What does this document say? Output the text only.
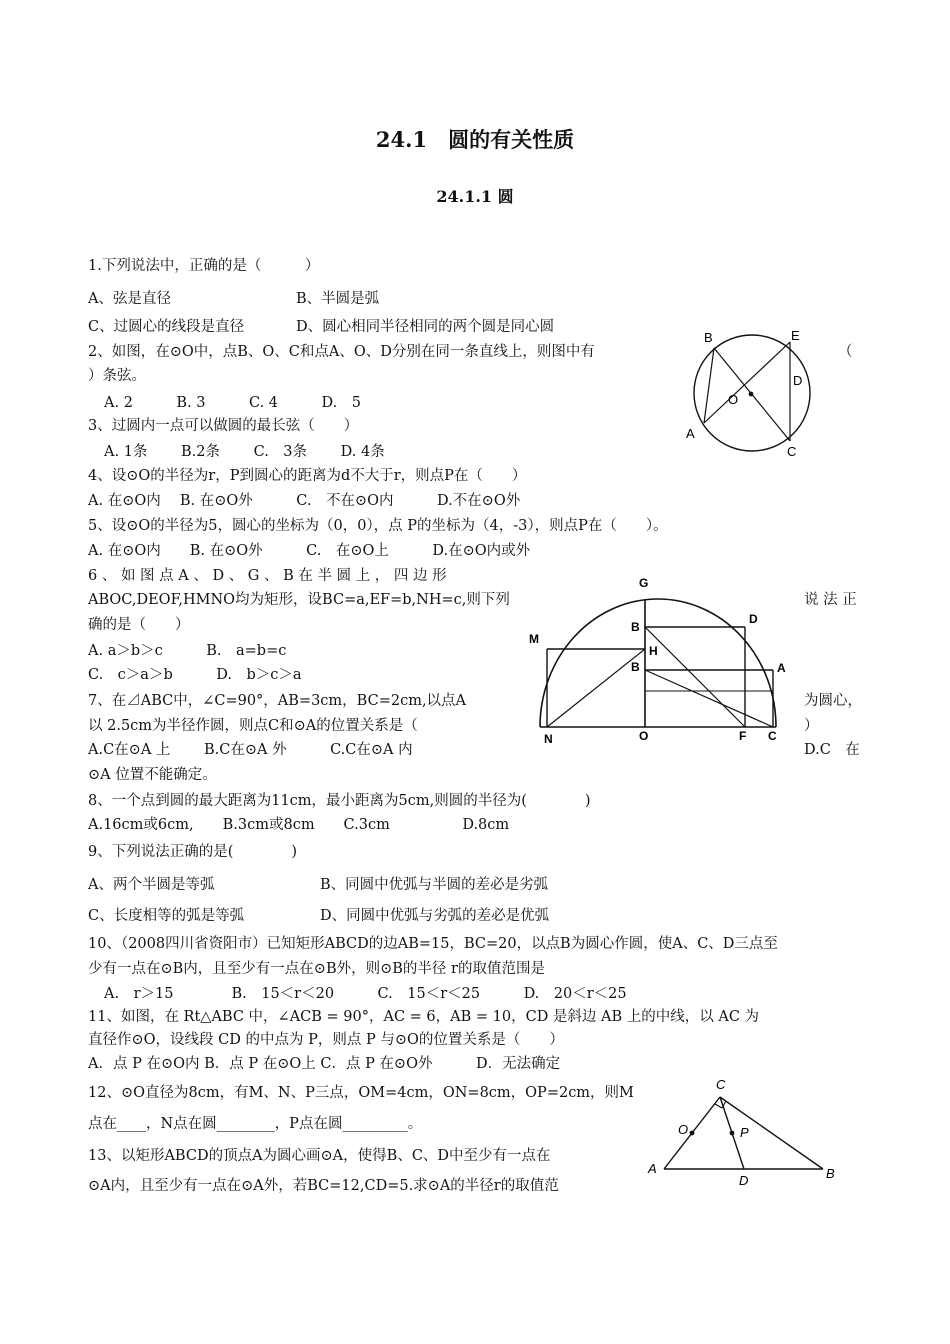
24.1　圆的有关性质
24.1.1 圆
1.下列说法中，正确的是（　　　）
A、弦是直径	B、半圆是弧
C、过圆心的线段是直径	D、圆心相同半径相同的两个圆是同心圆
2、如图，在⊙O中，点B、O、C和点A、O、D分别在同一条直线上，则图中有	（
）条弦。
A. 2　　　B. 3　　　C. 4　　　D.　5
B	E
D
O
A
C
3、过圆内一点可以做圆的最长弦（　　）
A. 1条　　 B.2条　　 C.　3条　　 D. 4条
4、设⊙O的半径为r，P到圆心的距离为d不大于r，则点P在（　　）
A. 在⊙O内　 B. 在⊙O外　　　C.　不在⊙O内　　　D.不在⊙O外
5、设⊙O的半径为5，圆心的坐标为（0，0），点 P的坐标为（4，-3），则点P在（　　）。
A. 在⊙O内　　B. 在⊙O外　　　C.　在⊙O上　　　D.在⊙O内或外
6 、 如 图 点 A 、 D 、 G 、 B 在 半 圆 上 ， 四 边 形
ABOC,DEOF,HMNO均为矩形，设BC=a,EF=b,NH=c,则下列	说 法 正
确的是（　　）
A. a＞b＞c　　　B.　a=b=c
C.　c＞a＞b　　　D.　b＞c＞a
G
D
M
B
H
B	A
N	O	F C
7、在⊿ABC中，∠C=90°，AB=3cm，BC=2cm,以点A	为圆心，
以 2.5cm为半径作圆，则点C和⊙A的位置关系是（	）
A.C在⊙A 上　　 B.C在⊙A 外　　　C.C在⊙A 内	D.C　在
⊙A 位置不能确定。
8、一个点到圆的最大距离为11cm，最小距离为5cm,则圆的半径为(　　　　)
A.16cm或6cm,　　B.3cm或8cm　　C.3cm　　　　　D.8cm
9、下列说法正确的是(　　　　)
A、两个半圆是等弧	B、同圆中优弧与半圆的差必是劣弧
C、长度相等的弧是等弧	D、同圆中优弧与劣弧的差必是优弧
10、（2008四川省资阳市）已知矩形ABCD的边AB=15，BC=20，以点B为圆心作圆，使A、C、D三点至
少有一点在⊙B内，且至少有一点在⊙B外，则⊙B的半径 r的取值范围是
A.　r＞15　　　　B.　15＜r＜20　　　C.　15＜r＜25　　　D.　20＜r＜25
11、如图，在 Rt△ABC 中，∠ACB = 90°，AC = 6，AB = 10，CD 是斜边 AB 上的中线，以 AC 为
直径作⊙O，设线段 CD 的中点为 P，则点 P 与⊙O的位置关系是（　　）
A．点 P 在⊙O内 B．点 P 在⊙O上 C．点 P 在⊙O外　　　D．无法确定
12、⊙O直径为8cm，有M、N、P三点，OM=4cm，ON=8cm，OP=2cm，则M
点在____，N点在圆________，P点在圆_________。
C
O	P
A
D	B
13、以矩形ABCD的顶点A为圆心画⊙A，使得B、C、D中至少有一点在
⊙A内，且至少有一点在⊙A外，若BC=12,CD=5.求⊙A的半径r的取值范
